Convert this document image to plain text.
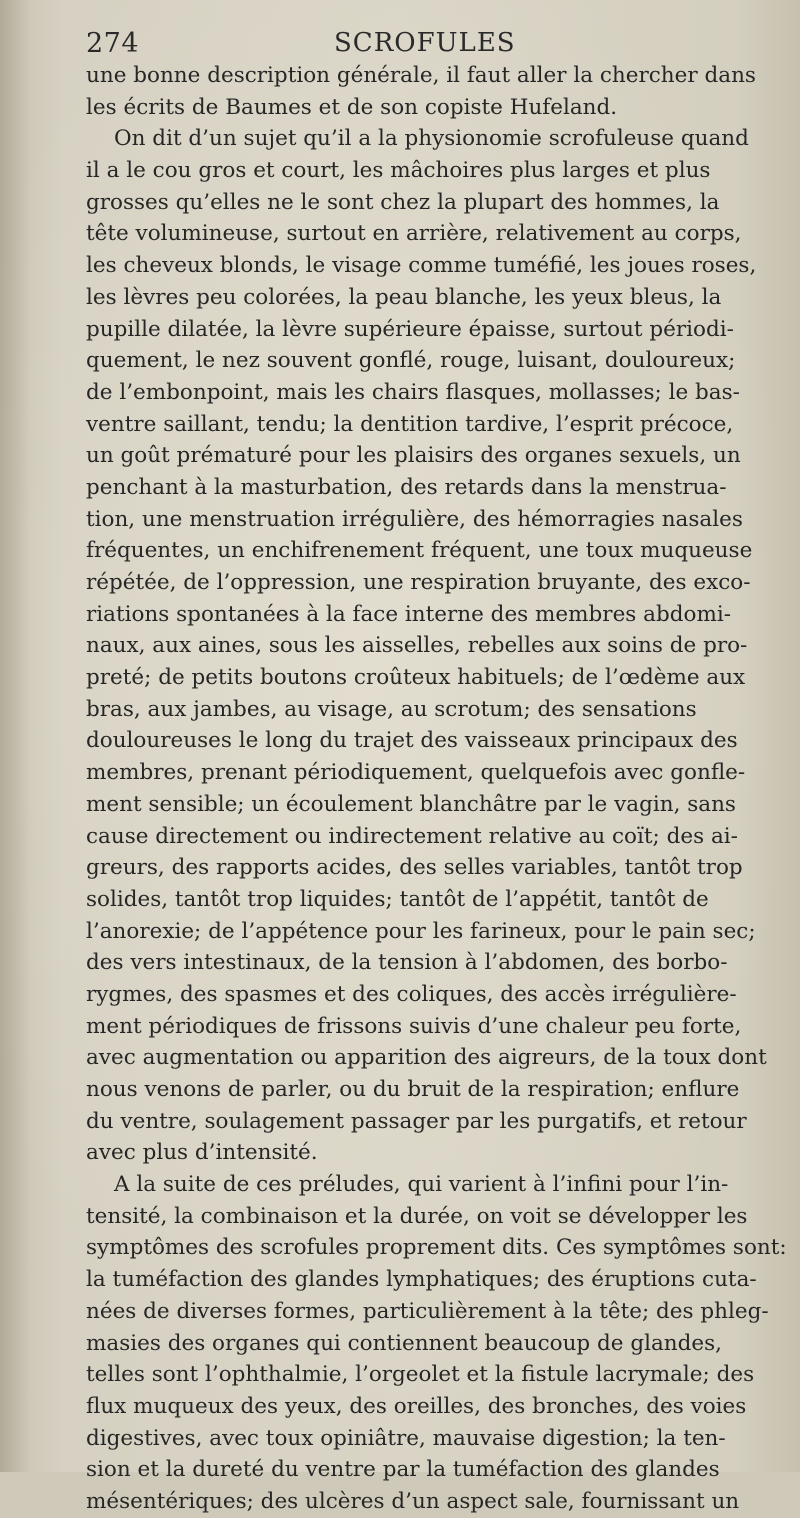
274	SCROFULES
une bonne description générale, il faut aller la chercher dans
les écrits de Baumes et de son copiste Hufeland.
On dit d’un sujet qu’il a la physionomie scrofuleuse quand
il a le cou gros et court, les mâchoires plus larges et plus
grosses qu’elles ne le sont chez la plupart des hommes, la
tête volumineuse, surtout en arrière, relativement au corps,
les cheveux blonds, le visage comme tuméfié, les joues roses,
les lèvres peu colorées, la peau blanche, les yeux bleus, la
pupille dilatée, la lèvre supérieure épaisse, surtout périodi-
quement, le nez souvent gonflé, rouge, luisant, douloureux;
de l’embonpoint, mais les chairs flasques, mollasses; le bas-
ventre saillant, tendu; la dentition tardive, l’esprit précoce,
un goût prématuré pour les plaisirs des organes sexuels, un
penchant à la masturbation, des retards dans la menstrua-
tion, une menstruation irrégulière, des hémorragies nasales
fréquentes, un enchifrenement fréquent, une toux muqueuse
répétée, de l’oppression, une respiration bruyante, des exco-
riations spontanées à la face interne des membres abdomi-
naux, aux aines, sous les aisselles, rebelles aux soins de pro-
preté; de petits boutons croûteux habituels; de l’œdème aux
bras, aux jambes, au visage, au scrotum; des sensations
douloureuses le long du trajet des vaisseaux principaux des
membres, prenant périodiquement, quelquefois avec gonfle-
ment sensible; un écoulement blanchâtre par le vagin, sans
cause directement ou indirectement relative au coït; des ai-
greurs, des rapports acides, des selles variables, tantôt trop
solides, tantôt trop liquides; tantôt de l’appétit, tantôt de
l’anorexie; de l’appétence pour les farineux, pour le pain sec;
des vers intestinaux, de la tension à l’abdomen, des borbo-
rygmes, des spasmes et des coliques, des accès irrégulière-
ment périodiques de frissons suivis d’une chaleur peu forte,
avec augmentation ou apparition des aigreurs, de la toux dont
nous venons de parler, ou du bruit de la respiration; enflure
du ventre, soulagement passager par les purgatifs, et retour
avec plus d’intensité.
A la suite de ces préludes, qui varient à l’infini pour l’in-
tensité, la combinaison et la durée, on voit se développer les
symptômes des scrofules proprement dits. Ces symptômes sont:
la tuméfaction des glandes lymphatiques; des éruptions cuta-
nées de diverses formes, particulièrement à la tête; des phleg-
masies des organes qui contiennent beaucoup de glandes,
telles sont l’ophthalmie, l’orgeolet et la fistule lacrymale; des
flux muqueux des yeux, des oreilles, des bronches, des voies
digestives, avec toux opiniâtre, mauvaise digestion; la ten-
sion et la dureté du ventre par la tuméfaction des glandes
mésentériques; des ulcères d’un aspect sale, fournissant un
